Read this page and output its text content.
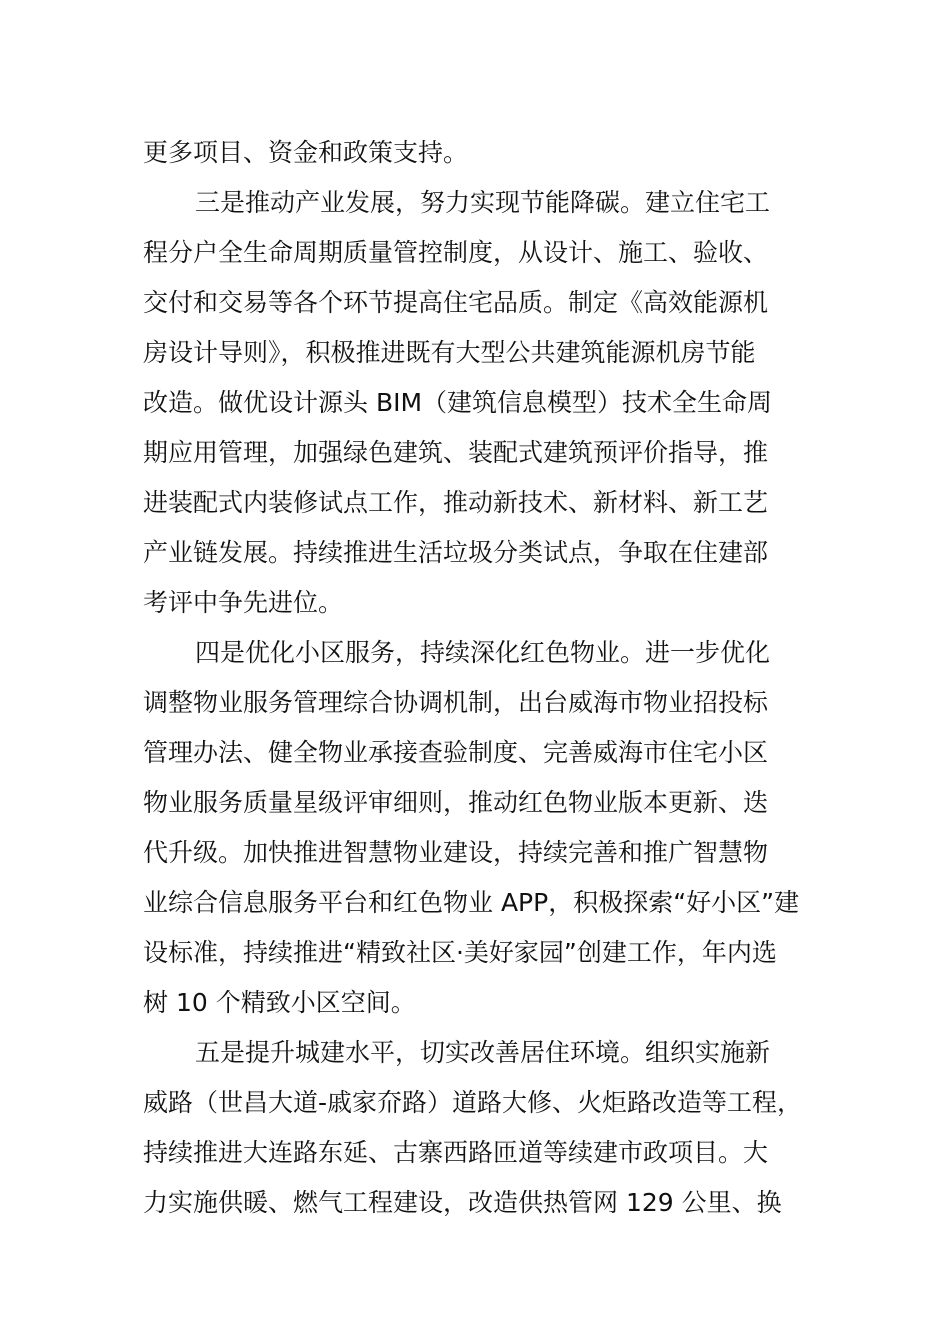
更多项目、资金和政策支持。
三是推动产业发展，努力实现节能降碳。建立住宅工
程分户全生命周期质量管控制度，从设计、施工、验收、
交付和交易等各个环节提高住宅品质。制定《高效能源机
房设计导则》，积极推进既有大型公共建筑能源机房节能
改造。做优设计源头 BIM（建筑信息模型）技术全生命周
期应用管理，加强绿色建筑、装配式建筑预评价指导，推
进装配式内装修试点工作，推动新技术、新材料、新工艺
产业链发展。持续推进生活垃圾分类试点，争取在住建部
考评中争先进位。
四是优化小区服务，持续深化红色物业。进一步优化
调整物业服务管理综合协调机制，出台威海市物业招投标
管理办法、健全物业承接查验制度、完善威海市住宅小区
物业服务质量星级评审细则，推动红色物业版本更新、迭
代升级。加快推进智慧物业建设，持续完善和推广智慧物
业综合信息服务平台和红色物业 APP，积极探索“好小区”建
设标准，持续推进“精致社区·美好家园”创建工作，年内选
树 10 个精致小区空间。
五是提升城建水平，切实改善居住环境。组织实施新
威路（世昌大道-戚家夼路）道路大修、火炬路改造等工程，
持续推进大连路东延、古寨西路匝道等续建市政项目。大
力实施供暖、燃气工程建设，改造供热管网 129 公里、换
